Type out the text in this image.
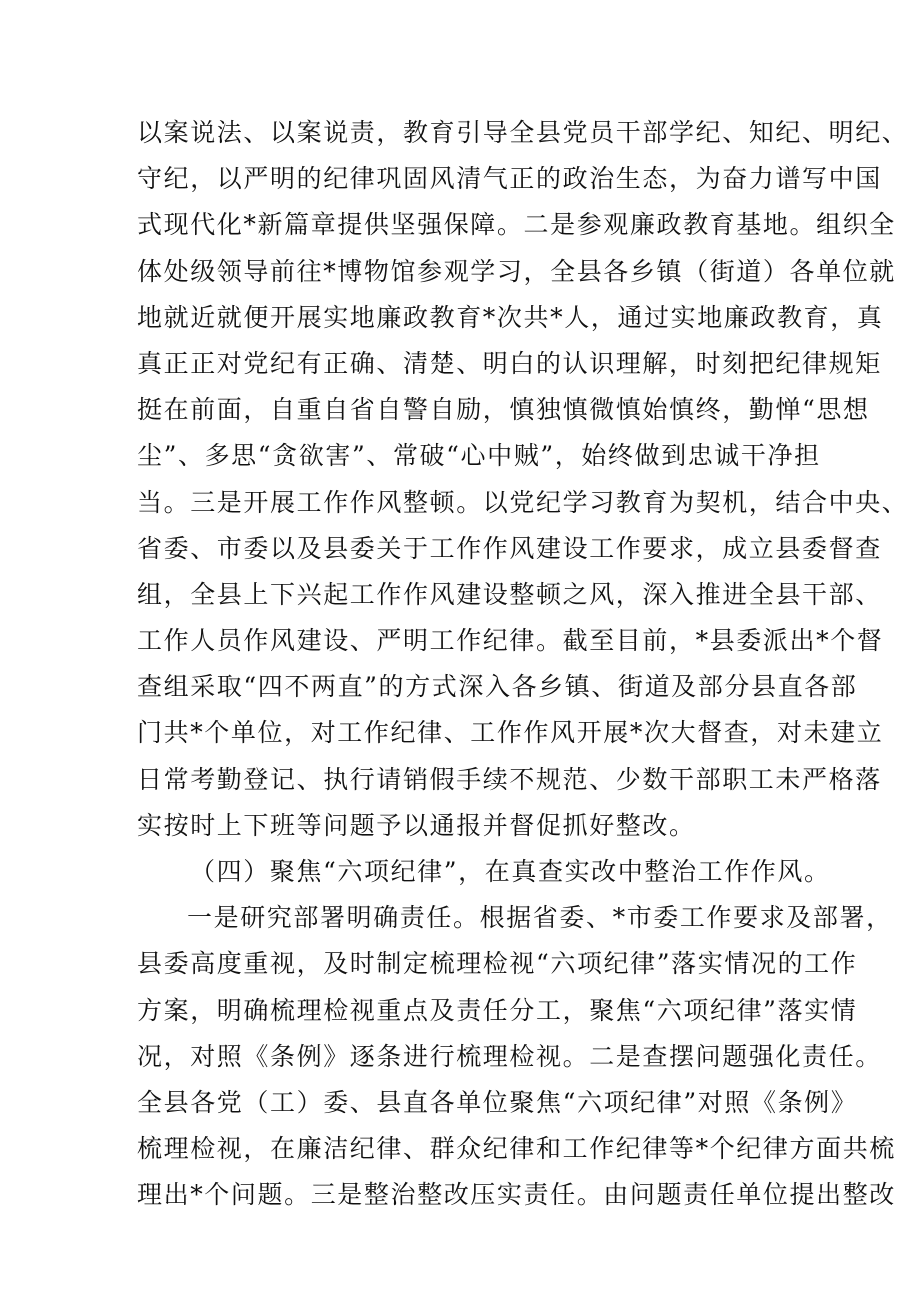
以案说法、以案说责，教育引导全县党员干部学纪、知纪、明纪、
守纪，以严明的纪律巩固风清气正的政治生态，为奋力谱写中国
式现代化*新篇章提供坚强保障。二是参观廉政教育基地。组织全
体处级领导前往*博物馆参观学习，全县各乡镇（街道）各单位就
地就近就便开展实地廉政教育*次共*人，通过实地廉政教育，真
真正正对党纪有正确、清楚、明白的认识理解，时刻把纪律规矩
挺在前面，自重自省自警自励，慎独慎微慎始慎终，勤惮“思想
尘”、多思“贪欲害”、常破“心中贼”，始终做到忠诚干净担
当。三是开展工作作风整顿。以党纪学习教育为契机，结合中央、
省委、市委以及县委关于工作作风建设工作要求，成立县委督查
组，全县上下兴起工作作风建设整顿之风，深入推进全县干部、
工作人员作风建设、严明工作纪律。截至目前，*县委派出*个督
查组采取“四不两直”的方式深入各乡镇、街道及部分县直各部
门共*个单位，对工作纪律、工作作风开展*次大督查，对未建立
日常考勤登记、执行请销假手续不规范、少数干部职工未严格落
实按时上下班等问题予以通报并督促抓好整改。
（四）聚焦“六项纪律”，在真查实改中整治工作作风。
一是研究部署明确责任。根据省委、*市委工作要求及部署，
县委高度重视，及时制定梳理检视“六项纪律”落实情况的工作
方案，明确梳理检视重点及责任分工，聚焦“六项纪律”落实情
况，对照《条例》逐条进行梳理检视。二是查摆问题强化责任。
全县各党（工）委、县直各单位聚焦“六项纪律”对照《条例》
梳理检视，在廉洁纪律、群众纪律和工作纪律等*个纪律方面共梳
理出*个问题。三是整治整改压实责任。由问题责任单位提出整改
